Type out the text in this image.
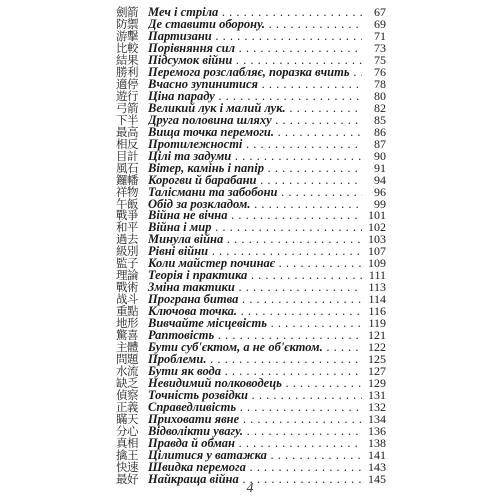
劍箭 Меч і стріла . . .	67
防禦 Де ставити оборону. . . .	69
游擊 Партизани . . .	71
比較 Порівняння сил . . .	73
結果 Підсумок війни . . .	75
勝利 Перемога розслабляє, поразка вчить . . .	76
適停 Вчасно зупинитися . . .	78
遊行 Ціна параду . . .	80
弓箭 Великий лук і малий лук. . . .	82
下半 Друга половина шляху . . .	85
最高 Вища точка перемоги. . . .	86
相反 Протилежності . . .	87
目計 Цілі та задуми . . .	90
風石 Вітер, камінь і папір . . .	91
鑼幡 Корогви й барабани . . .	94
祥物 Талісмани та забобони . . .	96
午飯 Обід за розкладом. . . .	99
戰爭 Війна не вічна . . .	101
和平 Війна і мир . . .	102
過去 Минула війна . . .	103
級別 Рівні війни . . .	107
監子 Коли майстер починає . . .	109
理論 Теорія і практика . . .	111
戰術 Зміна тактики . . .	113
战斗 Програна битва . . .	114
重點 Ключова точка. . . .	116
地形 Вивчайте місцевість . . .	119
驚喜 Раптовість . . .	121
主體 Бути суб'єктом, а не об'єктом. . . .	122
問題 Проблеми. . . .	125
水流 Бути як вода . . .	127
缺乏 Невидимий полководець . . .	129
偵察 Точність розвідки . . .	131
正義 Справедливість . . .	132
瞞天 Приховати явне . . .	134
分心 Відволікти увагу. . . .	136
真相 Правда й обман . . .	138
擒王 Цілитися у ватажка . . .	141
快速 Швидка перемога . . .	143
最好 Найкраща війна . . .	145
4
